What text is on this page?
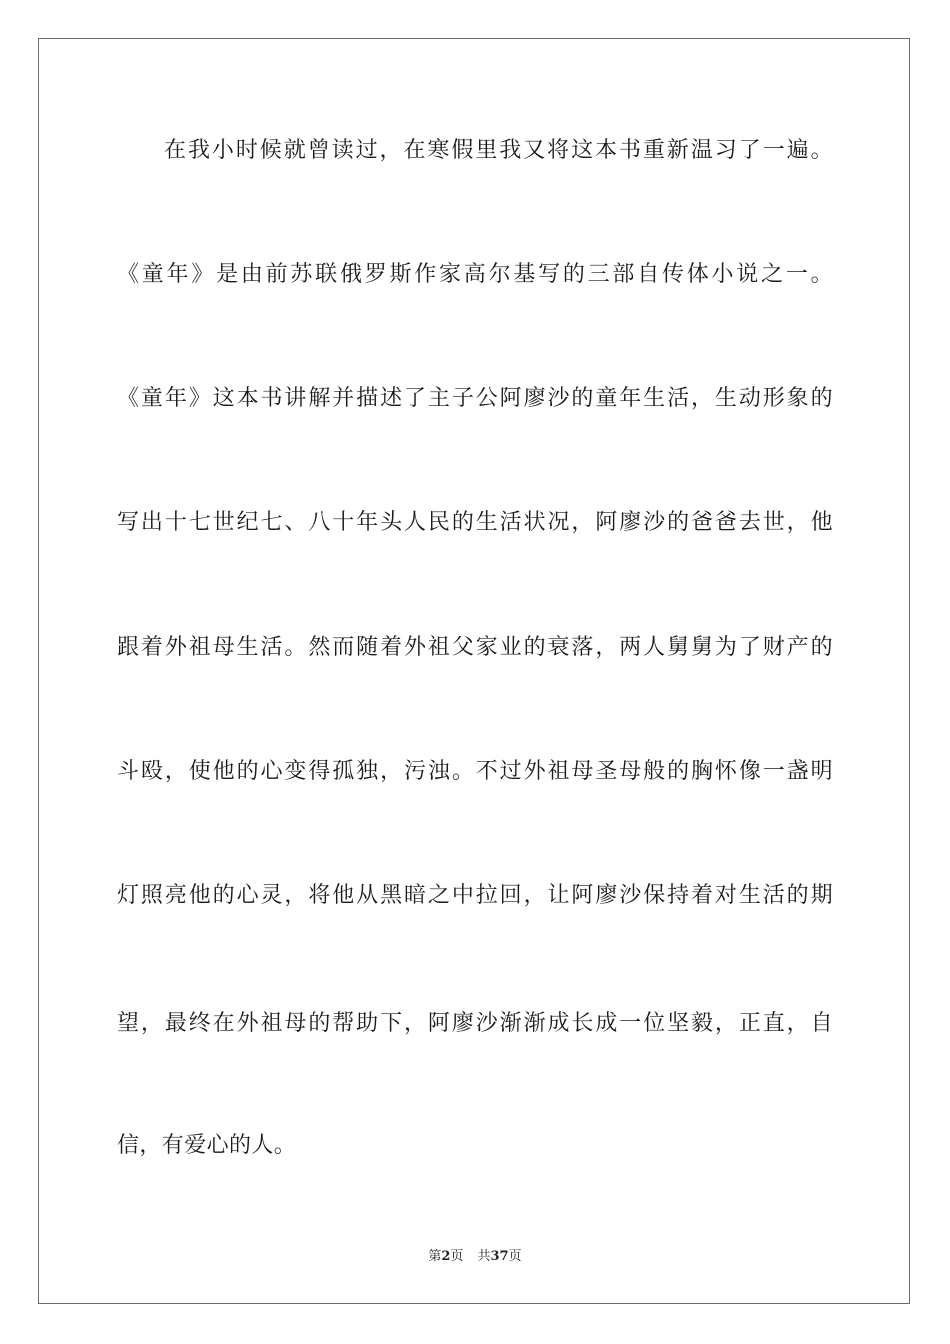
在我小时候就曾读过，在寒假里我又将这本书重新温习了一遍。
《童年》是由前苏联俄罗斯作家高尔基写的三部自传体小说之一。
《童年》这本书讲解并描述了主子公阿廖沙的童年生活，生动形象的
写出十七世纪七、八十年头人民的生活状况，阿廖沙的爸爸去世，他
跟着外祖母生活。然而随着外祖父家业的衰落，两人舅舅为了财产的
斗殴，使他的心变得孤独，污浊。不过外祖母圣母般的胸怀像一盏明
灯照亮他的心灵，将他从黑暗之中拉回，让阿廖沙保持着对生活的期
望，最终在外祖母的帮助下，阿廖沙渐渐成长成一位坚毅，正直，自
信，有爱心的人。
第2页 共37页
